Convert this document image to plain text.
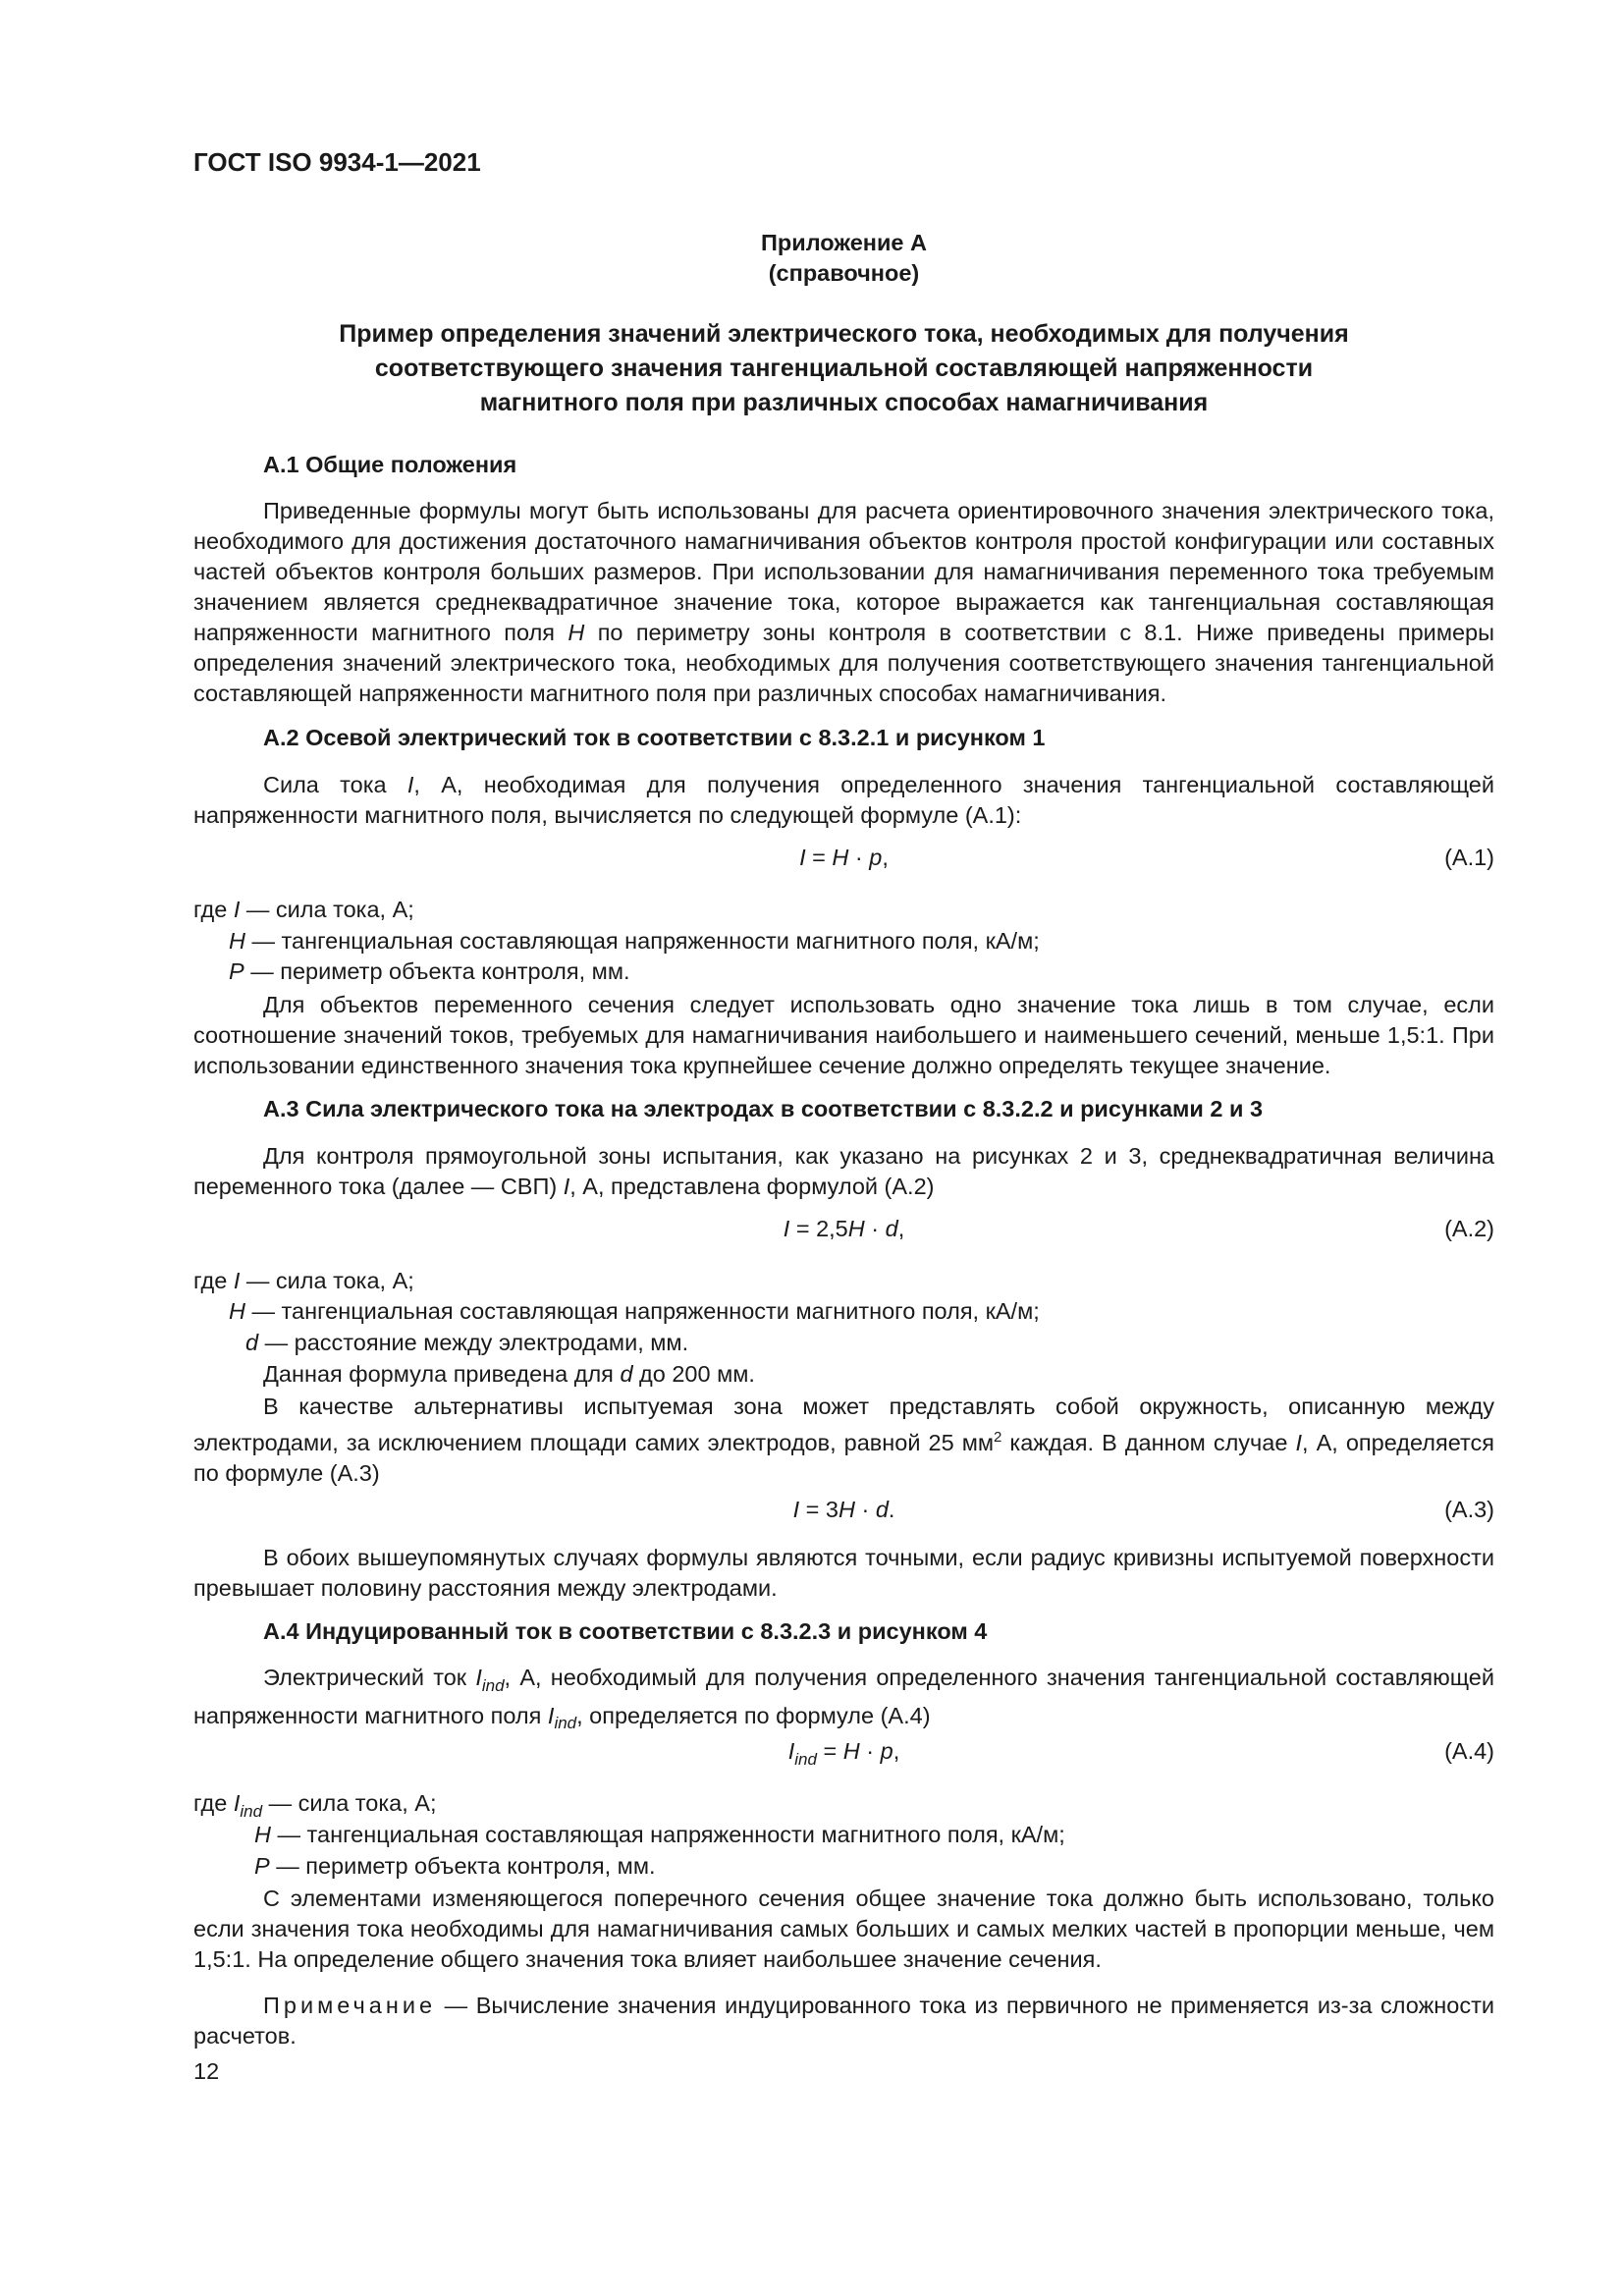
ГОСТ ISO 9934-1—2021
Приложение А
(справочное)
Пример определения значений электрического тока, необходимых для получения
соответствующего значения тангенциальной составляющей напряженности
магнитного поля при различных способах намагничивания
А.1 Общие положения
Приведенные формулы могут быть использованы для расчета ориентировочного значения электрического тока, необходимого для достижения достаточного намагничивания объектов контроля простой конфигурации или составных частей объектов контроля больших размеров. При использовании для намагничивания переменного тока требуемым значением является среднеквадратичное значение тока, которое выражается как тангенциальная составляющая напряженности магнитного поля H по периметру зоны контроля в соответствии с 8.1. Ниже приведены примеры определения значений электрического тока, необходимых для получения соответствующего значения тангенциальной составляющей напряженности магнитного поля при различных способах намагничивания.
А.2 Осевой электрический ток в соответствии с 8.3.2.1 и рисунком 1
Сила тока I, А, необходимая для получения определенного значения тангенциальной составляющей напряженности магнитного поля, вычисляется по следующей формуле (А.1):
I = H · p,	(А.1)
где I — сила тока, А;
H — тангенциальная составляющая напряженности магнитного поля, кА/м;
P — периметр объекта контроля, мм.
Для объектов переменного сечения следует использовать одно значение тока лишь в том случае, если соотношение значений токов, требуемых для намагничивания наибольшего и наименьшего сечений, меньше 1,5:1. При использовании единственного значения тока крупнейшее сечение должно определять текущее значение.
А.3 Сила электрического тока на электродах в соответствии с 8.3.2.2 и рисунками 2 и 3
Для контроля прямоугольной зоны испытания, как указано на рисунках 2 и 3, среднеквадратичная величина переменного тока (далее — СВП) I, А, представлена формулой (А.2)
I = 2,5H · d,	(А.2)
где I — сила тока, А;
H — тангенциальная составляющая напряженности магнитного поля, кА/м;
d — расстояние между электродами, мм.
Данная формула приведена для d до 200 мм.
В качестве альтернативы испытуемая зона может представлять собой окружность, описанную между электродами, за исключением площади самих электродов, равной 25 $мм^2$ каждая. В данном случае I, А, определяется по формуле (А.3)
I = 3H · d.	(А.3)
В обоих вышеупомянутых случаях формулы являются точными, если радиус кривизны испытуемой поверхности превышает половину расстояния между электродами.
А.4 Индуцированный ток в соответствии с 8.3.2.3 и рисунком 4
Электрический ток $I_{ind}$, А, необходимый для получения определенного значения тангенциальной составляющей напряженности магнитного поля $I_{ind}$, определяется по формуле (А.4)
$I_{ind} = H \cdot p$,	(А.4)
где $I_{ind}$ — сила тока, А;
H — тангенциальная составляющая напряженности магнитного поля, кА/м;
P — периметр объекта контроля, мм.
С элементами изменяющегося поперечного сечения общее значение тока должно быть использовано, только если значения тока необходимы для намагничивания самых больших и самых мелких частей в пропорции меньше, чем 1,5:1. На определение общего значения тока влияет наибольшее значение сечения.
Примечание — Вычисление значения индуцированного тока из первичного не применяется из-за сложности расчетов.
12
